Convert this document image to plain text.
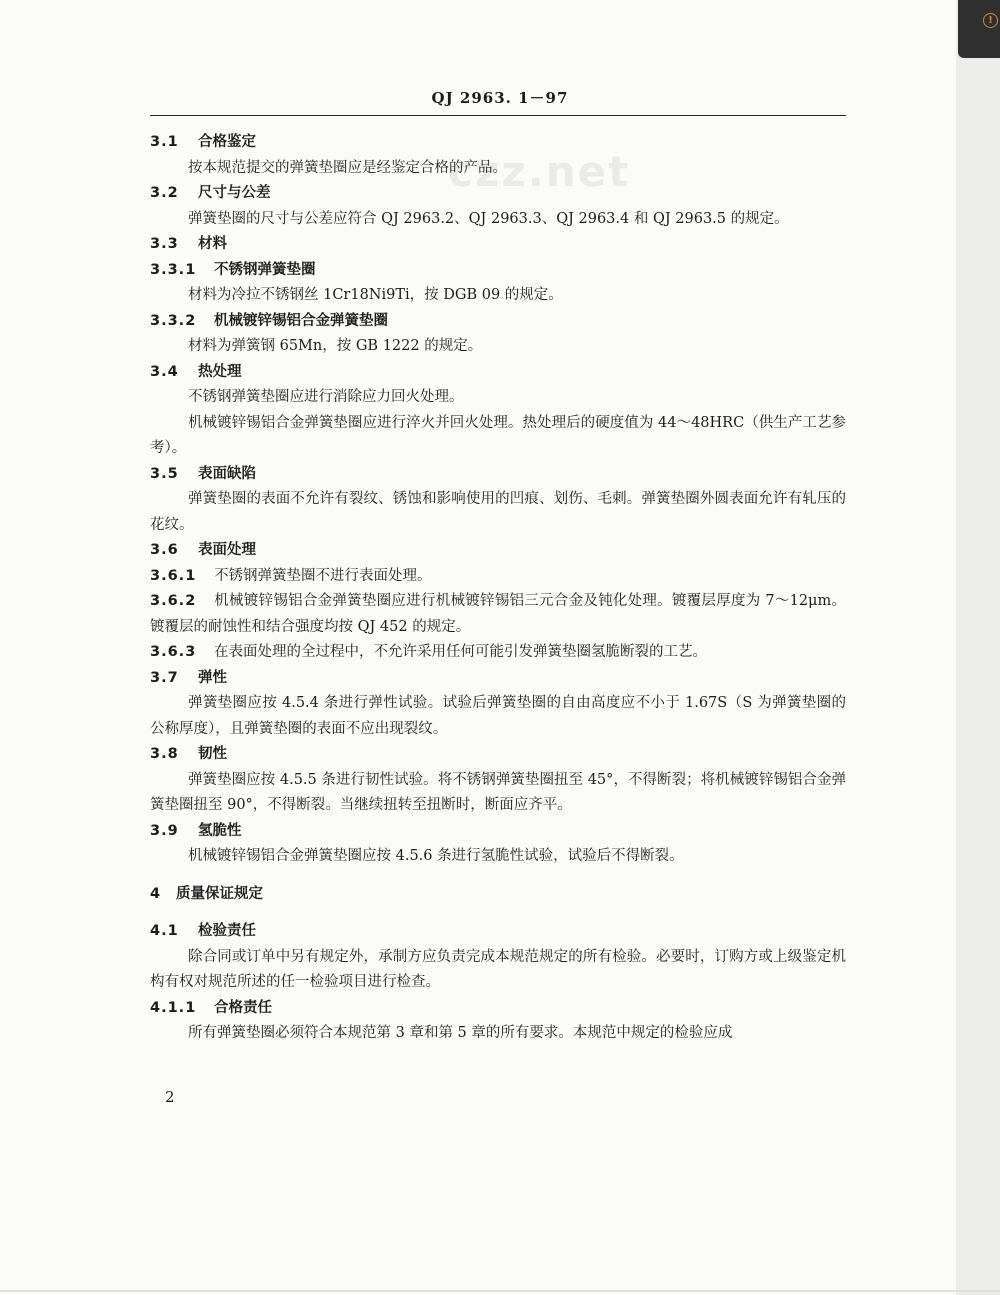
!
QJ 2963. 1－97
czz.net
3.1 合格鉴定
按本规范提交的弹簧垫圈应是经鉴定合格的产品。
3.2 尺寸与公差
弹簧垫圈的尺寸与公差应符合 QJ 2963.2、QJ 2963.3、QJ 2963.4 和 QJ 2963.5 的规定。
3.3 材料
3.3.1 不锈钢弹簧垫圈
材料为冷拉不锈钢丝 1Cr18Ni9Ti，按 DGB 09 的规定。
3.3.2 机械镀锌锡铝合金弹簧垫圈
材料为弹簧钢 65Mn，按 GB 1222 的规定。
3.4 热处理
不锈钢弹簧垫圈应进行消除应力回火处理。
机械镀锌锡铝合金弹簧垫圈应进行淬火并回火处理。热处理后的硬度值为 44～48HRC（供生产工艺参考）。
3.5 表面缺陷
弹簧垫圈的表面不允许有裂纹、锈蚀和影响使用的凹痕、划伤、毛刺。弹簧垫圈外圆表面允许有轧压的花纹。
3.6 表面处理
3.6.1 不锈钢弹簧垫圈不进行表面处理。
3.6.2 机械镀锌锡铝合金弹簧垫圈应进行机械镀锌锡铝三元合金及钝化处理。镀覆层厚度为 7～12μm。镀覆层的耐蚀性和结合强度均按 QJ 452 的规定。
3.6.3 在表面处理的全过程中，不允许采用任何可能引发弹簧垫圈氢脆断裂的工艺。
3.7 弹性
弹簧垫圈应按 4.5.4 条进行弹性试验。试验后弹簧垫圈的自由高度应不小于 1.67S（S 为弹簧垫圈的公称厚度），且弹簧垫圈的表面不应出现裂纹。
3.8 韧性
弹簧垫圈应按 4.5.5 条进行韧性试验。将不锈钢弹簧垫圈扭至 45°，不得断裂；将机械镀锌锡铝合金弹簧垫圈扭至 90°，不得断裂。当继续扭转至扭断时，断面应齐平。
3.9 氢脆性
机械镀锌锡铝合金弹簧垫圈应按 4.5.6 条进行氢脆性试验，试验后不得断裂。
4 质量保证规定
4.1 检验责任
除合同或订单中另有规定外，承制方应负责完成本规范规定的所有检验。必要时，订购方或上级鉴定机构有权对规范所述的任一检验项目进行检查。
4.1.1 合格责任
所有弹簧垫圈必须符合本规范第 3 章和第 5 章的所有要求。本规范中规定的检验应成
2
